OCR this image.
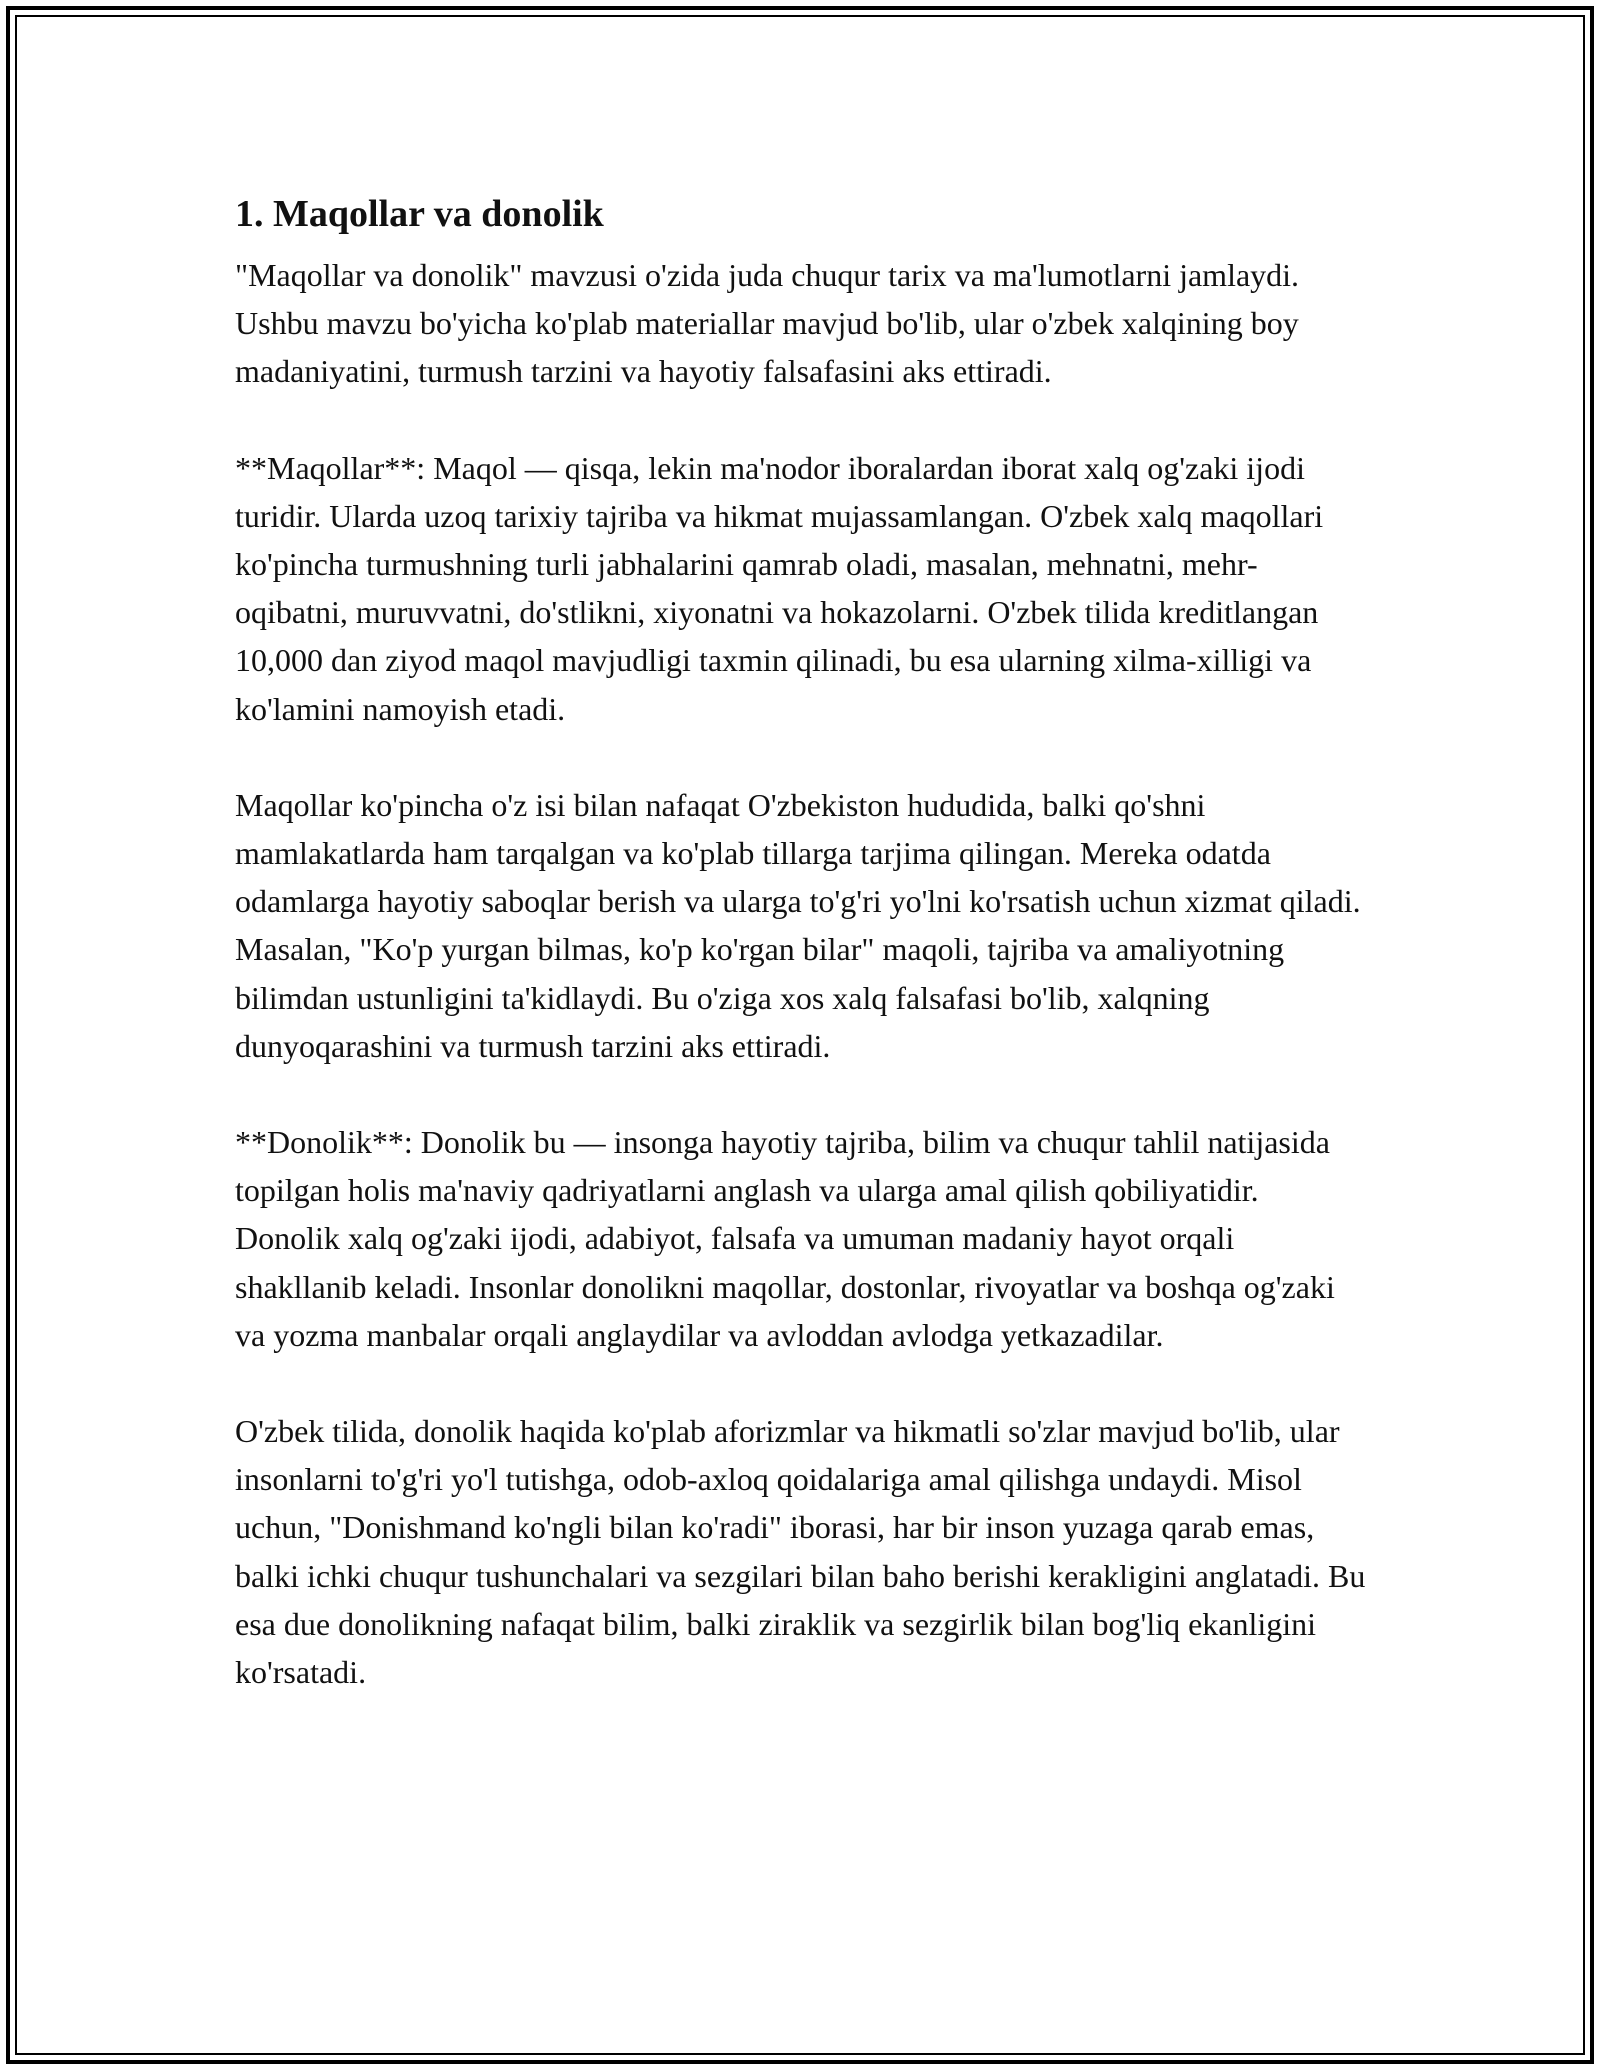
1. Maqollar va donolik

"Maqollar va donolik" mavzusi o'zida juda chuqur tarix va ma'lumotlarni jamlaydi. Ushbu mavzu bo'yicha ko'plab materiallar mavjud bo'lib, ular o'zbek xalqining boy madaniyatini, turmush tarzini va hayotiy falsafasini aks ettiradi.

**Maqollar**: Maqol — qisqa, lekin ma'nodor iboralardan iborat xalq og'zaki ijodi turidir. Ularda uzoq tarixiy tajriba va hikmat mujassamlangan. O'zbek xalq maqollari ko'pincha turmushning turli jabhalarini qamrab oladi, masalan, mehnatni, mehr-oqibatni, muruvvatni, do'stlikni, xiyonatni va hokazolarni. O'zbek tilida kreditlangan 10,000 dan ziyod maqol mavjudligi taxmin qilinadi, bu esa ularning xilma-xilligi va ko'lamini namoyish etadi.

Maqollar ko'pincha o'z isi bilan nafaqat O'zbekiston hududida, balki qo'shni mamlakatlarda ham tarqalgan va ko'plab tillarga tarjima qilingan. Mereka odatda odamlarga hayotiy saboqlar berish va ularga to'g'ri yo'lni ko'rsatish uchun xizmat qiladi. Masalan, "Ko'p yurgan bilmas, ko'p ko'rgan bilar" maqoli, tajriba va amaliyotning bilimdan ustunligini ta'kidlaydi. Bu o'ziga xos xalq falsafasi bo'lib, xalqning dunyoqarashini va turmush tarzini aks ettiradi.

**Donolik**: Donolik bu — insonga hayotiy tajriba, bilim va chuqur tahlil natijasida topilgan holis ma'naviy qadriyatlarni anglash va ularga amal qilish qobiliyatidir. Donolik xalq og'zaki ijodi, adabiyot, falsafa va umuman madaniy hayot orqali shakllanib keladi. Insonlar donolikni maqollar, dostonlar, rivoyatlar va boshqa og'zaki va yozma manbalar orqali anglaydilar va avloddan avlodga yetkazadilar.

O'zbek tilida, donolik haqida ko'plab aforizmlar va hikmatli so'zlar mavjud bo'lib, ular insonlarni to'g'ri yo'l tutishga, odob-axloq qoidalariga amal qilishga undaydi. Misol uchun, "Donishmand ko'ngli bilan ko'radi" iborasi, har bir inson yuzaga qarab emas, balki ichki chuqur tushunchalari va sezgilari bilan baho berishi kerakligini anglatadi. Bu esa due donolikning nafaqat bilim, balki ziraklik va sezgirlik bilan bog'liq ekanligini ko'rsatadi.
